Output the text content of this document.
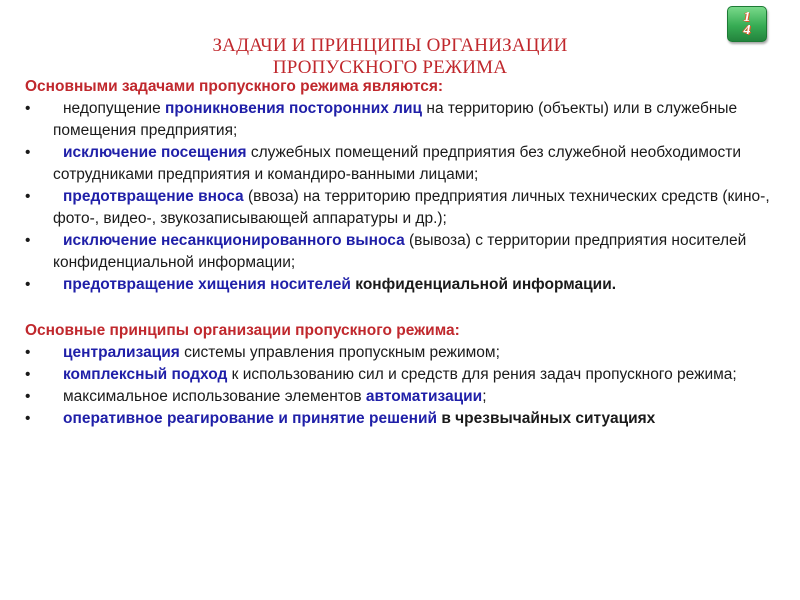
ЗАДАЧИ И ПРИНЦИПЫ ОРГАНИЗАЦИИ
ПРОПУСКНОГО РЕЖИМА
14

Основными задачами пропускного режима являются:

• недопущение проникновения посторонних лиц на территорию (объекты) или в служебные помещения предприятия;
• исключение посещения служебных помещений предприятия без служебной необходимости сотрудниками предприятия и командиро-ванными лицами;
• предотвращение вноса (ввоза) на территорию предприятия личных технических средств (кино-, фото-, видео-, звукозаписывающей аппаратуры и др.);
• исключение несанкционированного выноса (вывоза) с территории предприятия носителей конфиденциальной информации;
• предотвращение хищения носителей конфиденциальной информации.

Основные принципы организации пропускного режима:

• централизация системы управления пропускным режимом;
• комплексный подход к использованию сил и средств для рения задач пропускного режима;
• максимальное использование элементов автоматизации;
• оперативное реагирование и принятие решений в чрезвычайных ситуациях
